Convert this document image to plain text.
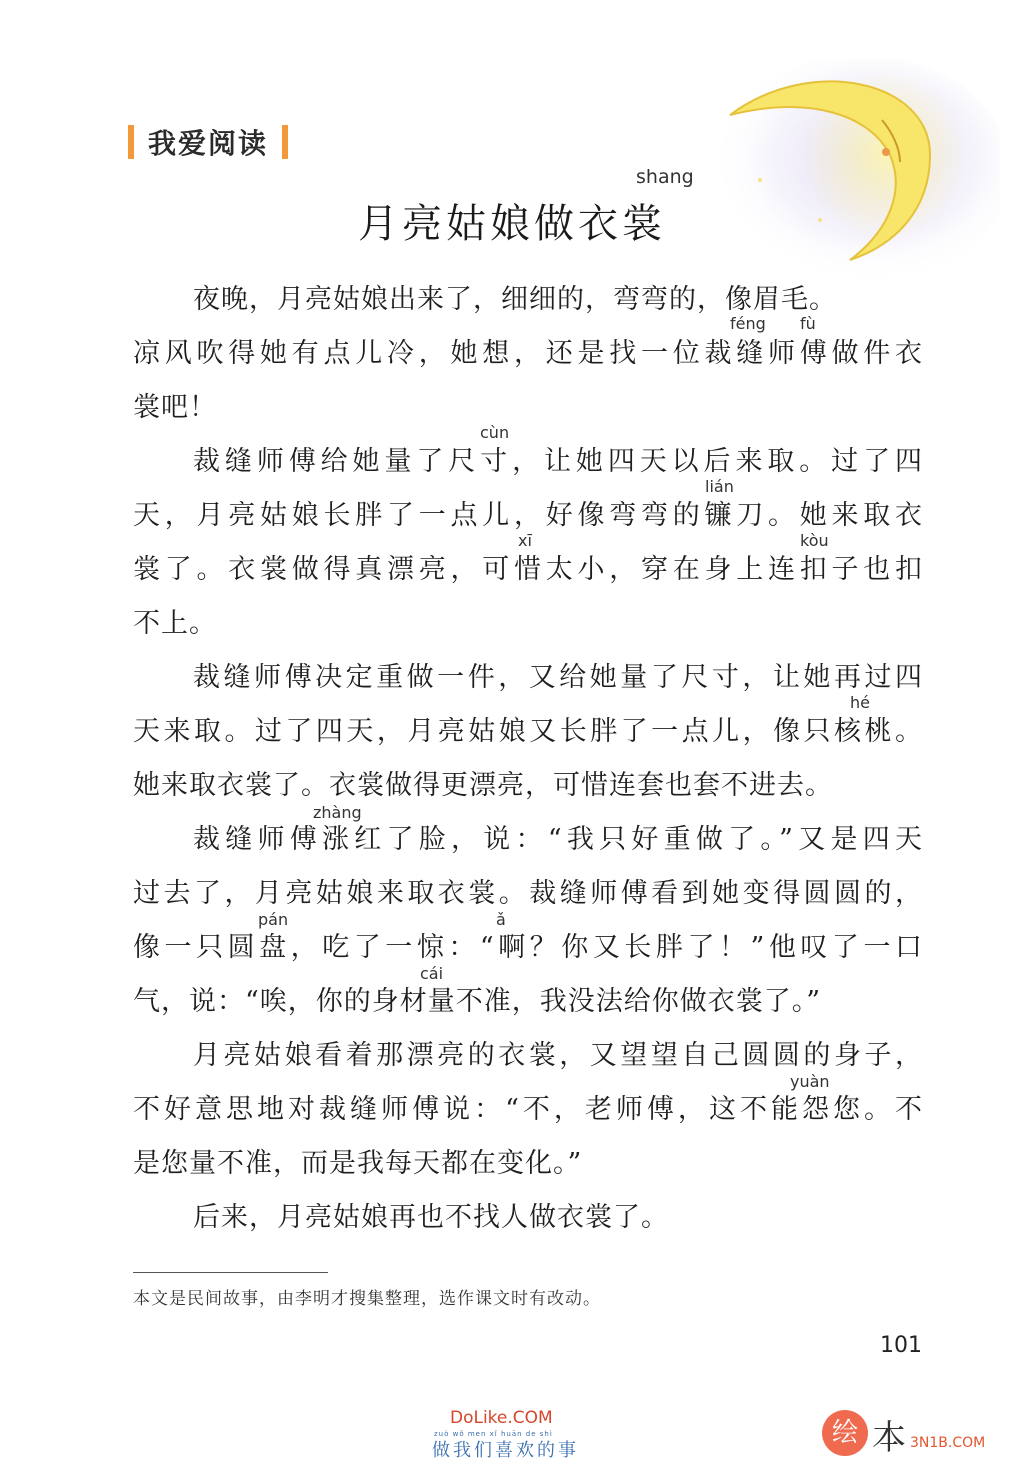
我爱阅读
shang
月亮姑娘做衣裳
夜晚，月亮姑娘出来了，细细的，弯弯的，像眉毛。
凉风吹得她有点儿冷，她想，还是找一位裁缝师傅做件衣
裳吧！
裁缝师傅给她量了尺寸，让她四天以后来取。过了四
天，月亮姑娘长胖了一点儿，好像弯弯的镰刀。她来取衣
裳了。衣裳做得真漂亮，可惜太小，穿在身上连扣子也扣
不上。
裁缝师傅决定重做一件，又给她量了尺寸，让她再过四
天来取。过了四天，月亮姑娘又长胖了一点儿，像只核桃。
她来取衣裳了。衣裳做得更漂亮，可惜连套也套不进去。
裁缝师傅涨红了脸，说：“我只好重做了。”又是四天
过去了，月亮姑娘来取衣裳。裁缝师傅看到她变得圆圆的，
像一只圆盘，吃了一惊：“啊？你又长胖了！”他叹了一口
气，说：“唉，你的身材量不准，我没法给你做衣裳了。”
月亮姑娘看着那漂亮的衣裳，又望望自己圆圆的身子，
不好意思地对裁缝师傅说：“不，老师傅，这不能怨您。不
是您量不准，而是我每天都在变化。”
后来，月亮姑娘再也不找人做衣裳了。
féng fù
cùn
lián
xī	kòu
hé
zhàng
pán	ǎ
cái
yuàn
本文是民间故事，由李明才搜集整理，选作课文时有改动。
101
DoLike.COM
zuò wǒ men xǐ huān de shì
做我们喜欢的事
绘 本 3N1B.COM
